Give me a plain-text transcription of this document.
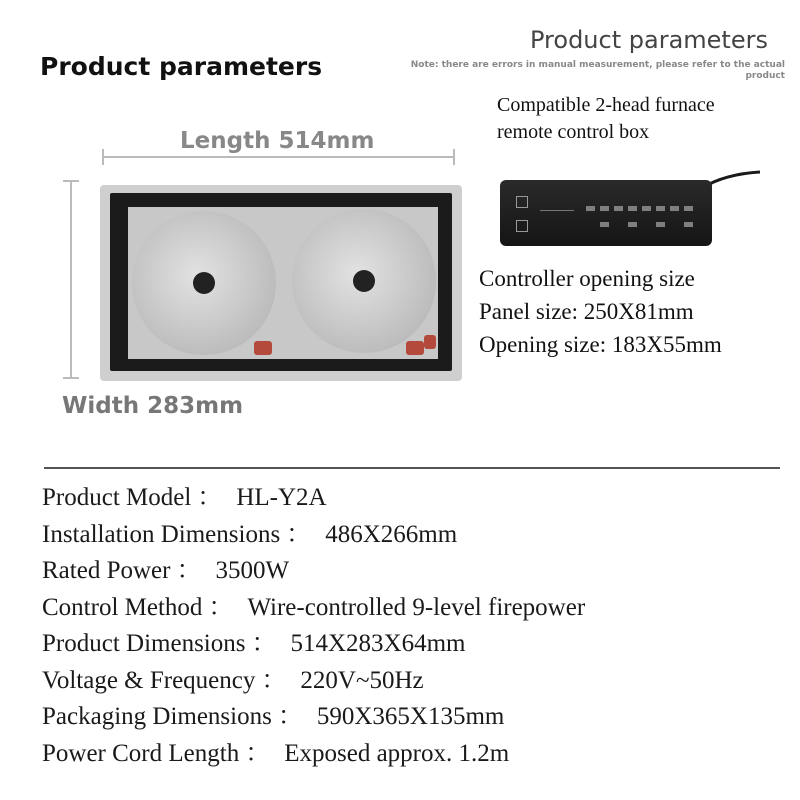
Product parameters
Product parameters
Note: there are errors in manual measurement, please refer to the actual product
Length 514mm
Width 283mm
Compatible 2-head furnace
remote control box
Controller opening size
Panel size: 250X81mm
Opening size: 183X55mm
Product Model ： HL-Y2A
Installation Dimensions ： 486X266mm
Rated Power ： 3500W
Control Method ： Wire-controlled 9-level firepower
Product Dimensions ： 514X283X64mm
Voltage & Frequency ： 220V~50Hz
Packaging Dimensions ： 590X365X135mm
Power Cord Length ： Exposed approx. 1.2m
